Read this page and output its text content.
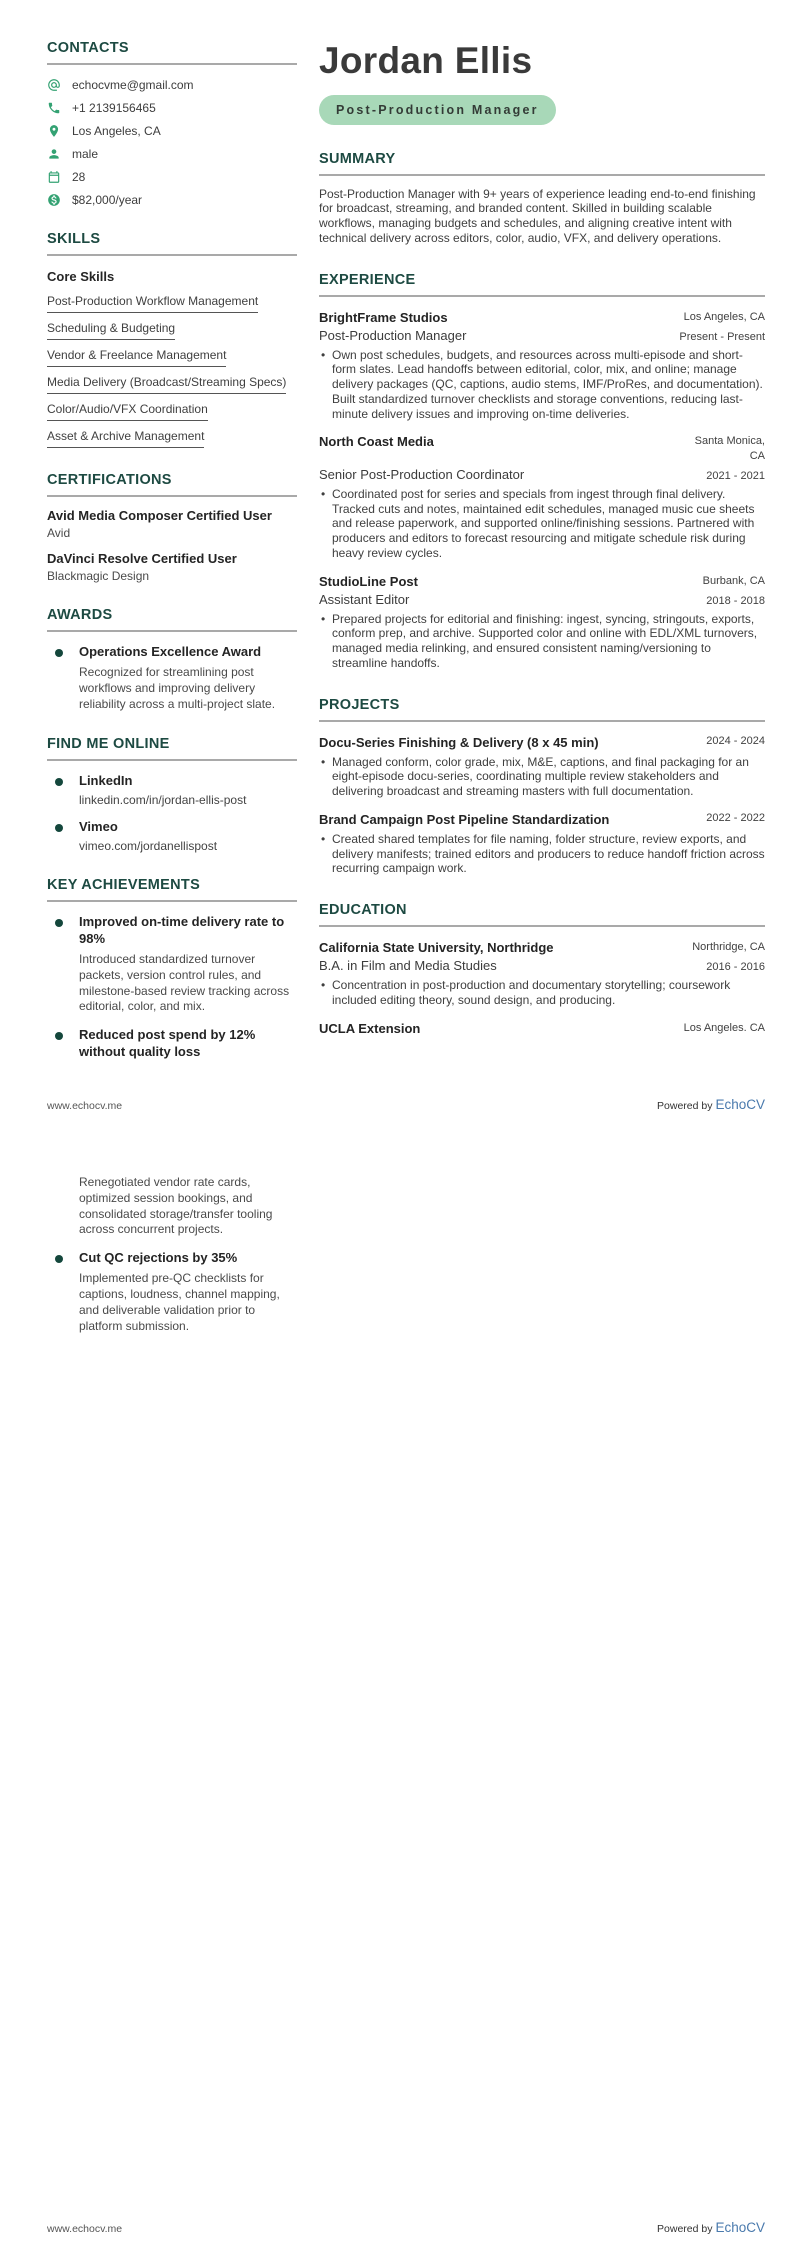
CONTACTS
echocvme@gmail.com
+1 2139156465
Los Angeles, CA
male
28
$82,000/year
SKILLS
Core Skills
Post-Production Workflow Management
Scheduling & Budgeting
Vendor & Freelance Management
Media Delivery (Broadcast/Streaming Specs)
Color/Audio/VFX Coordination
Asset & Archive Management
CERTIFICATIONS
Avid Media Composer Certified User
Avid
DaVinci Resolve Certified User
Blackmagic Design
AWARDS
Operations Excellence Award
Recognized for streamlining post workflows and improving delivery reliability across a multi-project slate.
FIND ME ONLINE
LinkedIn
linkedin.com/in/jordan-ellis-post
Vimeo
vimeo.com/jordanellispost
KEY ACHIEVEMENTS
Improved on-time delivery rate to 98%
Introduced standardized turnover packets, version control rules, and milestone-based review tracking across editorial, color, and mix.
Reduced post spend by 12% without quality loss
Jordan Ellis
Post-Production Manager
SUMMARY

Post-Production Manager with 9+ years of experience leading end-to-end finishing for broadcast, streaming, and branded content. Skilled in building scalable workflows, managing budgets and schedules, and aligning creative intent with technical delivery across editors, color, audio, VFX, and delivery operations.

EXPERIENCE
BrightFrame Studios	Los Angeles, CA
Post-Production Manager	Present - Present

• Own post schedules, budgets, and resources across multi-episode and short-form slates. Lead handoffs between editorial, color, mix, and online; manage delivery packages (QC, captions, audio stems, IMF/ProRes, and documentation). Built standardized turnover checklists and storage conventions, reducing last-minute delivery issues and improving on-time deliveries.

North Coast Media	Santa Monica, CA
Senior Post-Production Coordinator	2021 - 2021

• Coordinated post for series and specials from ingest through final delivery. Tracked cuts and notes, maintained edit schedules, managed music cue sheets and release paperwork, and supported online/finishing sessions. Partnered with producers and editors to forecast resourcing and mitigate schedule risk during heavy review cycles.

StudioLine Post	Burbank, CA
Assistant Editor	2018 - 2018

• Prepared projects for editorial and finishing: ingest, syncing, stringouts, exports, conform prep, and archive. Supported color and online with EDL/XML turnovers, managed media relinking, and ensured consistent naming/versioning to streamline handoffs.

PROJECTS
Docu-Series Finishing & Delivery (8 x 45 min)	2024 - 2024

• Managed conform, color grade, mix, M&E, captions, and final packaging for an eight-episode docu-series, coordinating multiple review stakeholders and delivering broadcast and streaming masters with full documentation.

Brand Campaign Post Pipeline Standardization	2022 - 2022

• Created shared templates for file naming, folder structure, review exports, and delivery manifests; trained editors and producers to reduce handoff friction across recurring campaign work.

EDUCATION
California State University, Northridge	Northridge, CA
B.A. in Film and Media Studies	2016 - 2016

• Concentration in post-production and documentary storytelling; coursework included editing theory, sound design, and producing.

UCLA Extension	Los Angeles. CA
www.echocv.me	Powered by EchoCV
Renegotiated vendor rate cards, optimized session bookings, and consolidated storage/transfer tooling across concurrent projects.
Cut QC rejections by 35%
Implemented pre-QC checklists for captions, loudness, channel mapping, and deliverable validation prior to platform submission.
www.echocv.me	Powered by EchoCV
